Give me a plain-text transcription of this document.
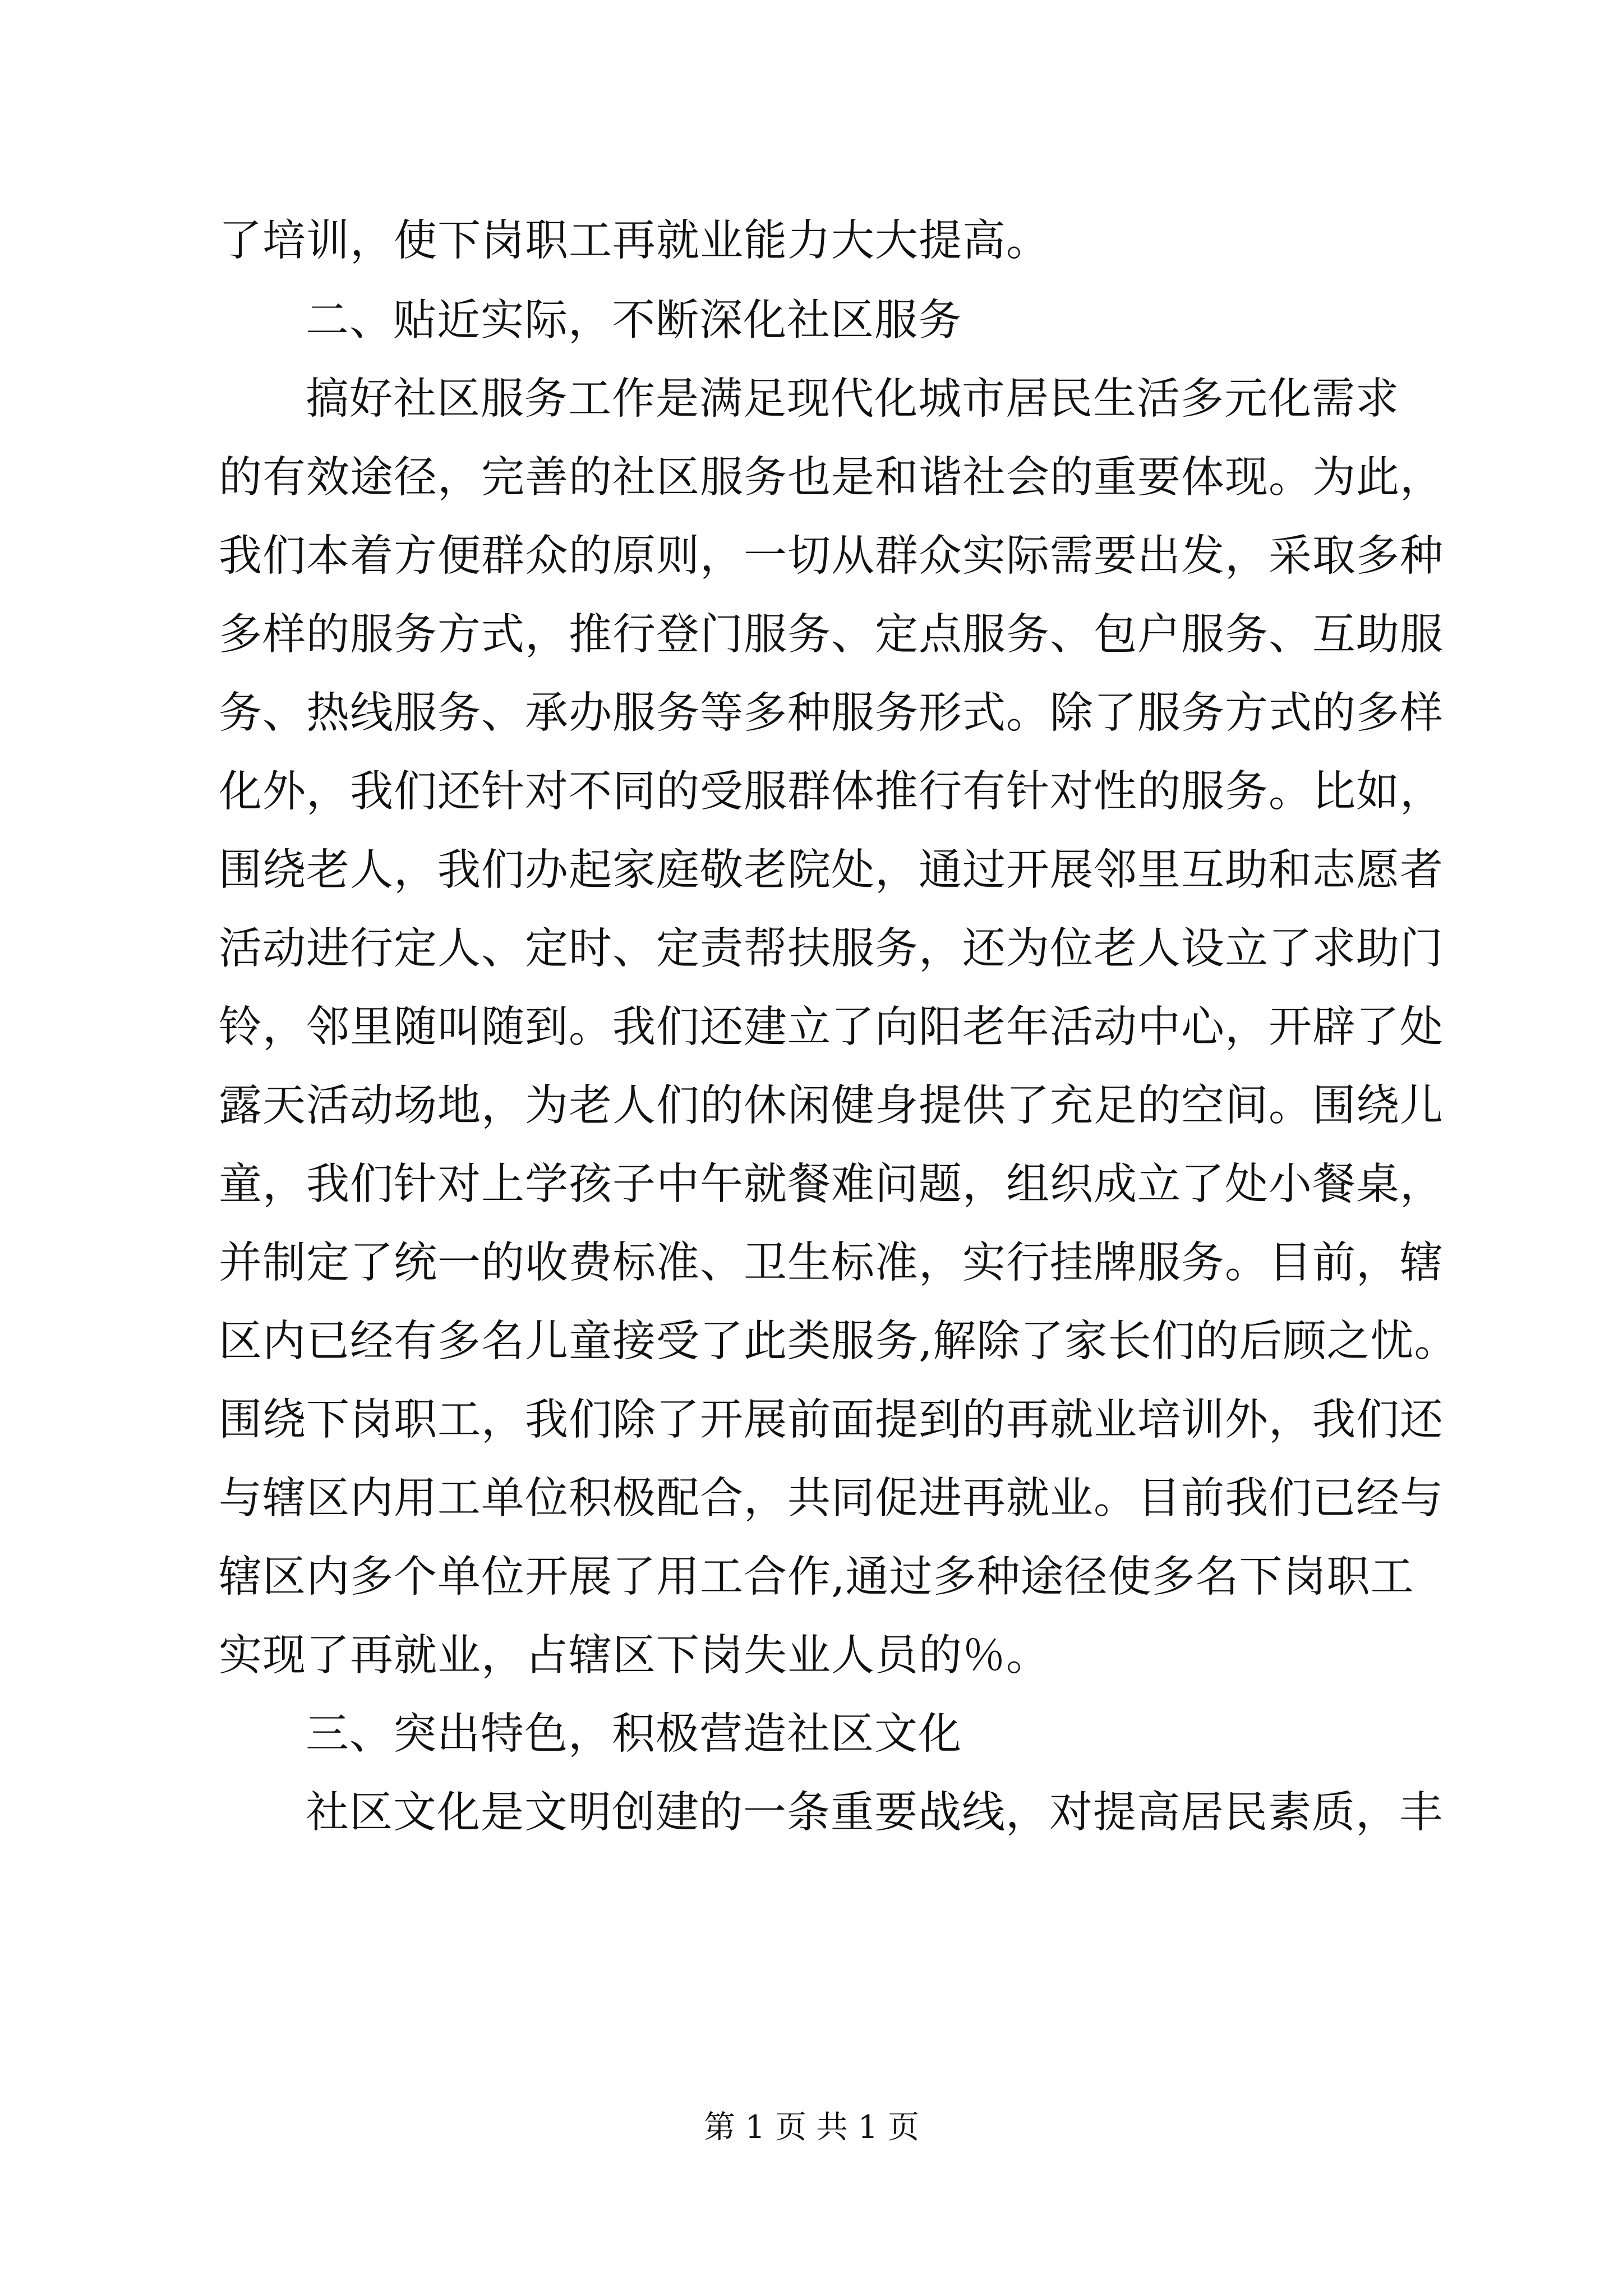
了培训，使下岗职工再就业能力大大提高。
二、贴近实际，不断深化社区服务
搞好社区服务工作是满足现代化城市居民生活多元化需求
的有效途径，完善的社区服务也是和谐社会的重要体现。为此，
我们本着方便群众的原则，一切从群众实际需要出发，采取多种
多样的服务方式，推行登门服务、定点服务、包户服务、互助服
务、热线服务、承办服务等多种服务形式。除了服务方式的多样
化外，我们还针对不同的受服群体推行有针对性的服务。比如，
围绕老人，我们办起家庭敬老院处，通过开展邻里互助和志愿者
活动进行定人、定时、定责帮扶服务，还为位老人设立了求助门
铃，邻里随叫随到。我们还建立了向阳老年活动中心，开辟了处
露天活动场地，为老人们的休闲健身提供了充足的空间。围绕儿
童，我们针对上学孩子中午就餐难问题，组织成立了处小餐桌，
并制定了统一的收费标准、卫生标准，实行挂牌服务。目前，辖
区内已经有多名儿童接受了此类服务,解除了家长们的后顾之忧。
围绕下岗职工，我们除了开展前面提到的再就业培训外，我们还
与辖区内用工单位积极配合，共同促进再就业。目前我们已经与
辖区内多个单位开展了用工合作,通过多种途径使多名下岗职工
实现了再就业，占辖区下岗失业人员的％。
三、突出特色，积极营造社区文化
社区文化是文明创建的一条重要战线，对提高居民素质，丰
第 1 页 共 1 页
